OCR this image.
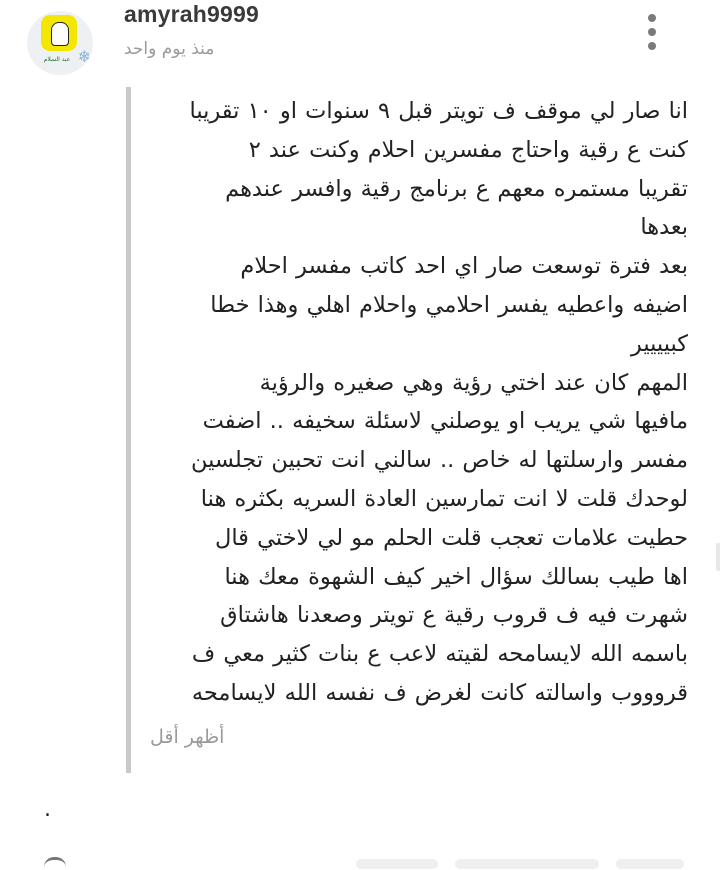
عبد السلام ❄
amyrah9999
منذ يوم واحد
انا صار لي موقف ف تويتر قبل ٩ سنوات او ١٠ تقريبا
كنت ع رقية واحتاج مفسرين احلام وكنت عند ٢
تقريبا مستمره معهم ع برنامج رقية وافسر عندهم
بعدها
بعد فترة توسعت صار اي احد كاتب مفسر احلام
اضيفه واعطيه يفسر احلامي واحلام اهلي وهذا خطا
كبيييير
المهم كان عند اختي رؤية وهي صغيره والرؤية
مافيها شي يريب او يوصلني لاسئلة سخيفه .. اضفت
مفسر وارسلتها له خاص .. سالني انت تحبين تجلسين
لوحدك قلت لا انت تمارسين العادة السريه بكثره هنا
حطيت علامات تعجب قلت الحلم مو لي لاختي قال
اها طيب بسالك سؤال اخير كيف الشهوة معك هنا
شهرت فيه ف قروب رقية ع تويتر وصعدنا هاشتاق
باسمه الله لايسامحه لقيته لاعب ع بنات كثير معي ف
قروووب واسالته كانت لغرض ف نفسه الله لايسامحه
أظهر أقل
.
